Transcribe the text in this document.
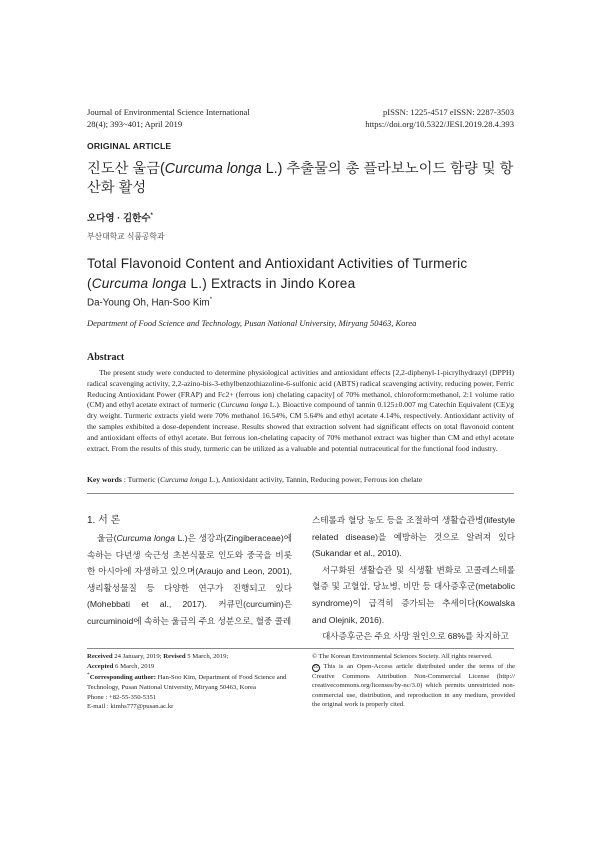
Journal of Environmental Science International
28(4); 393~401; April 2019
pISSN: 1225-4517 eISSN: 2287-3503
https://doi.org/10.5322/JESI.2019.28.4.393
ORIGINAL ARTICLE
진도산 울금(Curcuma longa L.) 추출물의 총 플라보노이드 함량 및 항산화 활성
오다영 · 김한수*
부산대학교 식품공학과
Total Flavonoid Content and Antioxidant Activities of Turmeric (Curcuma longa L.) Extracts in Jindo Korea
Da-Young Oh, Han-Soo Kim*
Department of Food Science and Technology, Pusan National University, Miryang 50463, Korea
Abstract
The present study were conducted to determine physiological activities and antioxidant effects [2,2-diphenyl-1-picrylhydrazyl (DPPH) radical scavenging activity, 2,2-azino-bis-3-ethylbenzothiazoline-6-sulfonic acid (ABTS) radical scavenging activity, reducing power, Ferric Reducing Antioxidant Power (FRAP) and Fc2+ (ferrous ion) chelating capacity] of 70% methanol, chloroform:methanol, 2:1 volume ratio (CM) and ethyl acetate extract of turmeric (Curcuma longa L.). Bioactive compound of tannin 0.125±0.007 mg Catechin Equivalent (CE)/g dry weight. Turmeric extracts yield were 70% methanol 16.54%, CM 5.64% and ethyl acetate 4.14%, respectively. Antioxidant activity of the samples exhibited a dose-dependent increase. Results showed that extraction solvent had significant effects on total flavonoid content and antioxidant effects of ethyl acetate. But ferrous ion-chelating capacity of 70% methanol extract was higher than CM and ethyl acetate extract. From the results of this study, turmeric can be utilized as a valuable and potential nutraceutical for the functional food industry.
Key words : Turmeric (Curcuma longa L.), Antioxidant activity, Tannin, Reducing power, Ferrous ion chelate
1. 서 론

울금(Curcuma longa L.)은 생강과(Zingiberaceae)에 속하는 다년생 숙근성 초본식물로 인도와 중국을 비롯한 아시아에 자생하고 있으며(Araujo and Leon, 2001), 생리활성물질 등 다양한 연구가 진행되고 있다(Mohebbati et al., 2017). 커큐민(curcumin)은 curcuminoid에 속하는 울금의 주요 성분으로, 혈중 콜레

스테롤과 혈당 농도 등을 조절하여 생활습관병(lifestyle related disease)을 예방하는 것으로 알려져 있다(Sukandar et al., 2010).

서구화된 생활습관 및 식생활 변화로 고콜레스테롤혈증 및 고혈압, 당뇨병, 비만 등 대사증후군(metabolic syndrome)이 급격히 증가되는 추세이다(Kowalska and Olejnik, 2016).

대사증후군은 주요 사망 원인으로 68%를 차지하고

Received 24 January, 2019; Revised 5 March, 2019;
Accepted 6 March, 2019
*Corresponding author: Han-Soo Kim, Department of Food Science and Technology, Pusan National University, Miryang 50463, Korea
Phone : +82-55-350-5351
E-mail : kimhs777@pusan.ac.kr
© The Korean Environmental Sciences Society. All rights reserved.
cc This is an Open-Access article distributed under the terms of the Creative Commons Attribution Non-Commercial License (http:// creativecommons.org/licenses/by-nc/3.0) which permits unrestricted non-commercial use, distribution, and reproduction in any medium, provided the original work is properly cited.
